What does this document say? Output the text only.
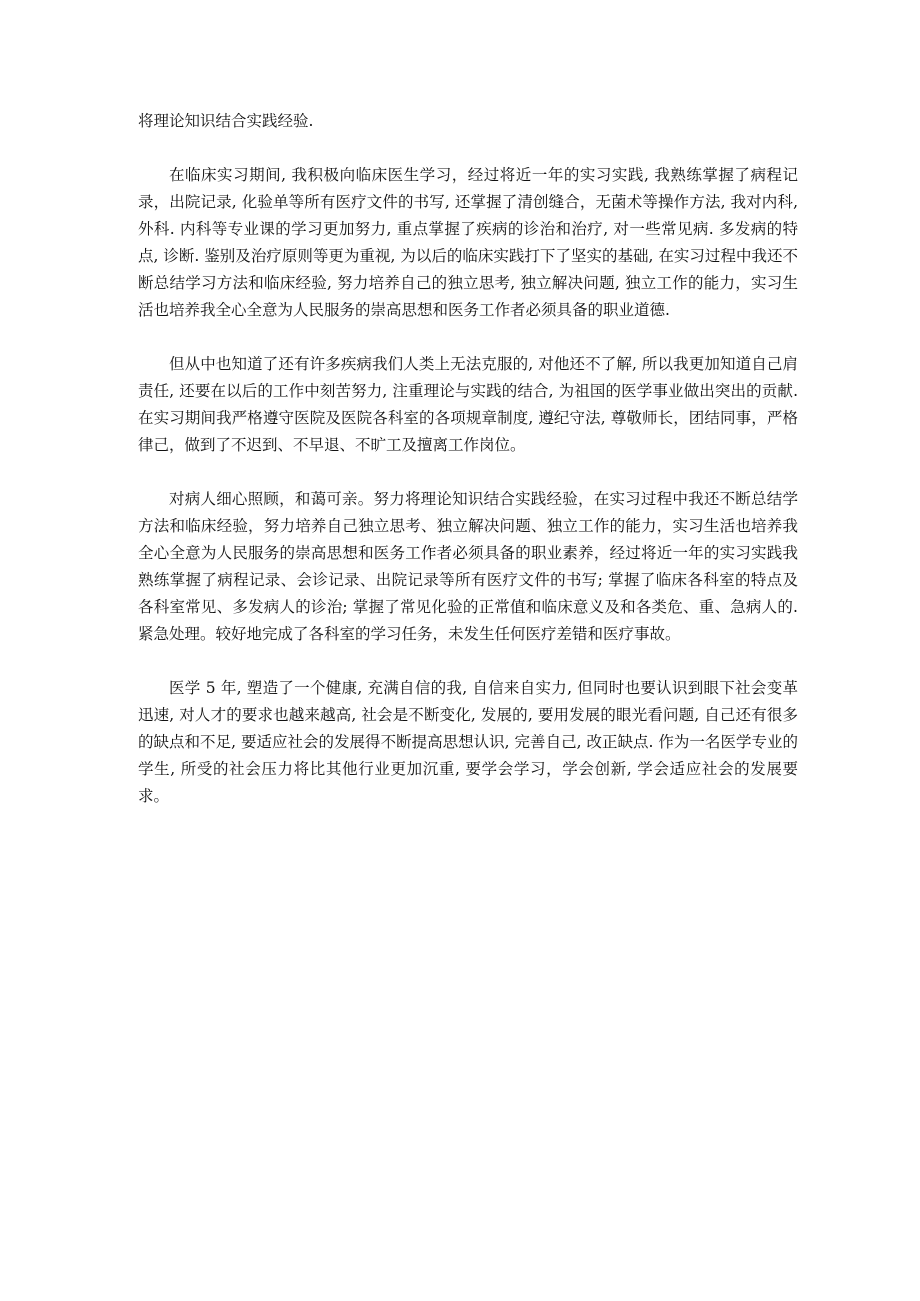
将理论知识结合实践经验.

在临床实习期间, 我积极向临床医生学习，经过将近一年的实习实践, 我熟练掌握了病程记录，出院记录, 化验单等所有医疗文件的书写, 还掌握了清创缝合，无菌术等操作方法, 我对内科, 外科. 内科等专业课的学习更加努力, 重点掌握了疾病的诊治和治疗, 对一些常见病. 多发病的特点, 诊断. 鉴别及治疗原则等更为重视, 为以后的临床实践打下了坚实的基础, 在实习过程中我还不断总结学习方法和临床经验, 努力培养自己的独立思考, 独立解决问题, 独立工作的能力，实习生活也培养我全心全意为人民服务的崇高思想和医务工作者必须具备的职业道德.

但从中也知道了还有许多疾病我们人类上无法克服的, 对他还不了解, 所以我更加知道自己肩责任, 还要在以后的工作中刻苦努力, 注重理论与实践的结合, 为祖国的医学事业做出突出的贡献. 在实习期间我严格遵守医院及医院各科室的各项规章制度, 遵纪守法, 尊敬师长，团结同事，严格律己，做到了不迟到、不早退、不旷工及擅离工作岗位。

对病人细心照顾，和蔼可亲。努力将理论知识结合实践经验，在实习过程中我还不断总结学方法和临床经验，努力培养自己独立思考、独立解决问题、独立工作的能力，实习生活也培养我全心全意为人民服务的崇高思想和医务工作者必须具备的职业素养，经过将近一年的实习实践我熟练掌握了病程记录、会诊记录、出院记录等所有医疗文件的书写; 掌握了临床各科室的特点及各科室常见、多发病人的诊治; 掌握了常见化验的正常值和临床意义及和各类危、重、急病人的. 紧急处理。较好地完成了各科室的学习任务，未发生任何医疗差错和医疗事故。

医学 5 年, 塑造了一个健康, 充满自信的我, 自信来自实力, 但同时也要认识到眼下社会变革迅速, 对人才的要求也越来越高, 社会是不断变化, 发展的, 要用发展的眼光看问题, 自己还有很多的缺点和不足, 要适应社会的发展得不断提高思想认识, 完善自己, 改正缺点. 作为一名医学专业的学生, 所受的社会压力将比其他行业更加沉重, 要学会学习，学会创新, 学会适应社会的发展要求。
